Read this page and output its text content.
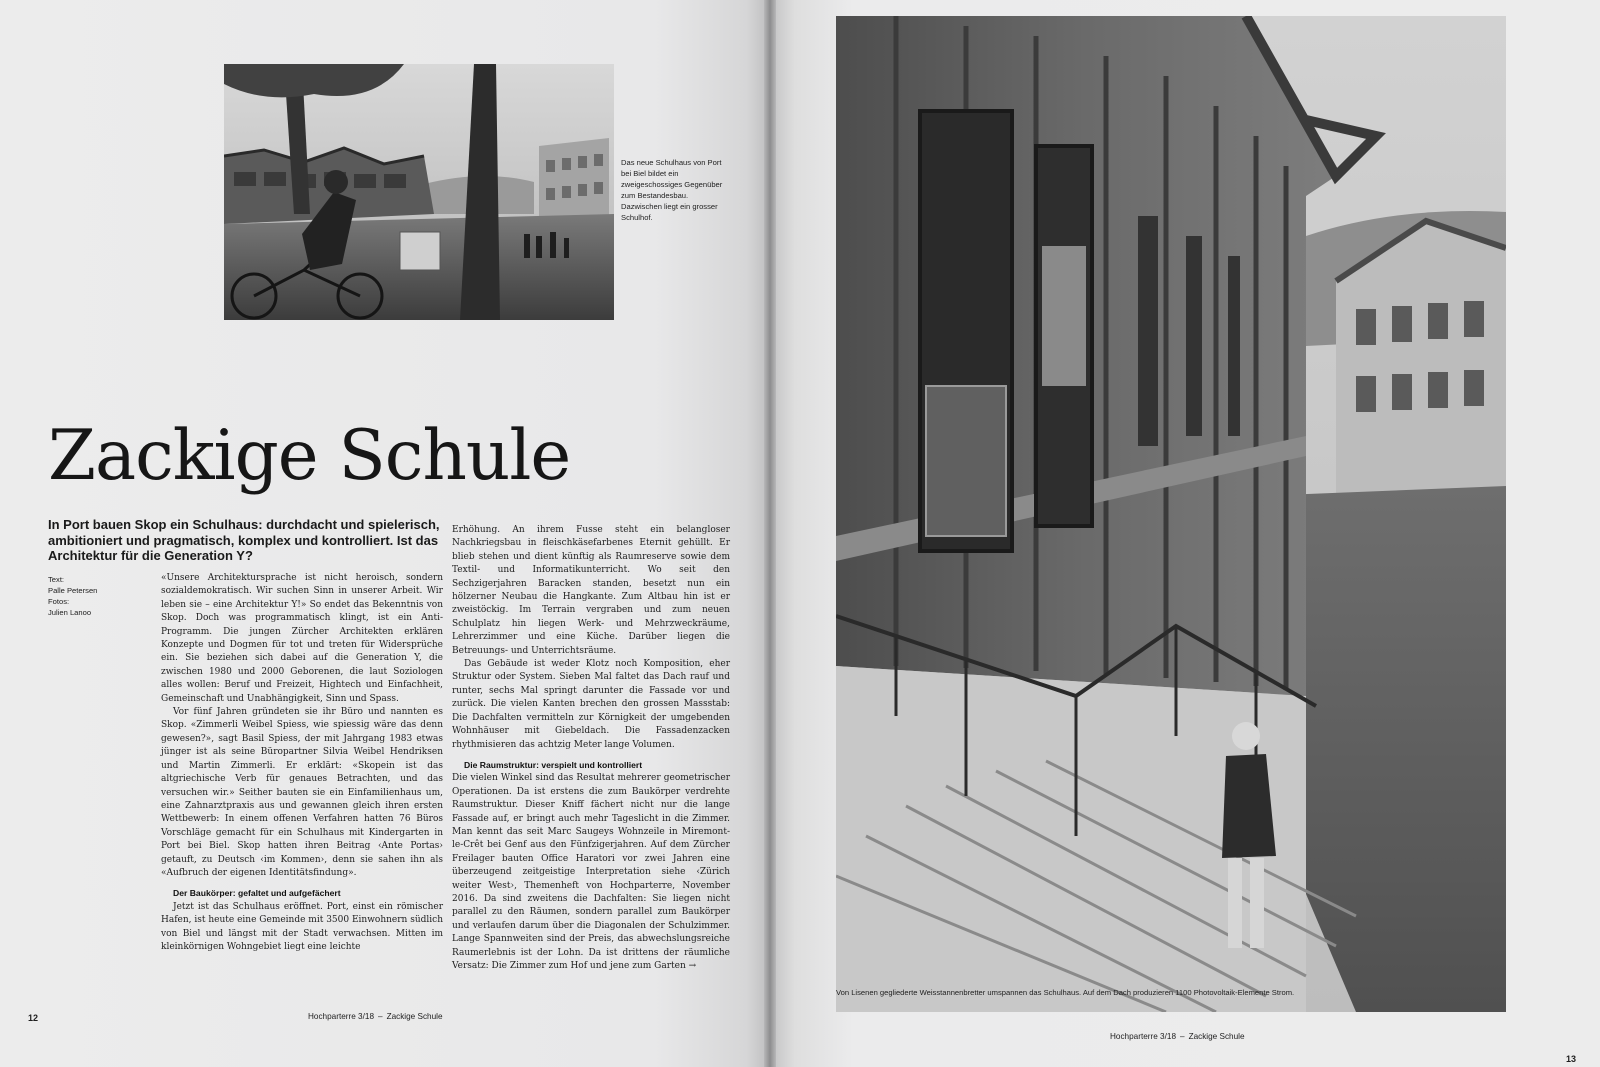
Das neue Schulhaus von Port bei Biel bildet ein zweigeschossiges Gegenüber zum Bestandesbau. Dazwischen liegt ein grosser Schulhof.
Zackige Schule

In Port bauen Skop ein Schulhaus: durchdacht und spielerisch, ambitioniert und pragmatisch, komplex und kontrolliert. Ist das Architektur für die Generation Y?

Text:
Palle Petersen
Fotos:
Julien Lanoo

«Unsere Architektursprache ist nicht heroisch, sondern sozialdemokratisch. Wir suchen Sinn in unserer Arbeit. Wir leben sie – eine Architektur Y!» So endet das Bekenntnis von Skop. Doch was programmatisch klingt, ist ein Anti-Programm. Die jungen Zürcher Architekten erklären Konzepte und Dogmen für tot und treten für Widersprüche ein. Sie beziehen sich dabei auf die Generation Y, die zwischen 1980 und 2000 Geborenen, die laut Soziologen alles wollen: Beruf und Freizeit, Hightech und Einfachheit, Gemeinschaft und Unabhängigkeit, Sinn und Spass.

Vor fünf Jahren gründeten sie ihr Büro und nannten es Skop. «Zimmerli Weibel Spiess, wie spiessig wäre das denn gewesen?», sagt Basil Spiess, der mit Jahrgang 1983 etwas jünger ist als seine Büropartner Silvia Weibel Hendriksen und Martin Zimmerli. Er erklärt: «Skopein ist das altgriechische Verb für genaues Betrachten, und das versuchen wir.» Seither bauten sie ein Einfamilienhaus um, eine Zahnarztpraxis aus und gewannen gleich ihren ersten Wettbewerb: In einem offenen Verfahren hatten 76 Büros Vorschläge gemacht für ein Schulhaus mit Kindergarten in Port bei Biel. Skop hatten ihren Beitrag ‹Ante Portas› getauft, zu Deutsch ‹im Kommen›, denn sie sahen ihn als «Aufbruch der eigenen Identitätsfindung».

Der Baukörper: gefaltet und aufgefächert

Jetzt ist das Schulhaus eröffnet. Port, einst ein römischer Hafen, ist heute eine Gemeinde mit 3500 Einwohnern südlich von Biel und längst mit der Stadt verwachsen. Mitten im kleinkörnigen Wohngebiet liegt eine leichte

Erhöhung. An ihrem Fusse steht ein belangloser Nachkriegsbau in fleischkäsefarbenes Eternit gehüllt. Er blieb stehen und dient künftig als Raumreserve sowie dem Textil- und Informatikunterricht. Wo seit den Sechzigerjahren Baracken standen, besetzt nun ein hölzerner Neubau die Hangkante. Zum Altbau hin ist er zweistöckig. Im Terrain vergraben und zum neuen Schulplatz hin liegen Werk- und Mehrzweckräume, Lehrerzimmer und eine Küche. Darüber liegen die Betreuungs- und Unterrichtsräume.

Das Gebäude ist weder Klotz noch Komposition, eher Struktur oder System. Sieben Mal faltet das Dach rauf und runter, sechs Mal springt darunter die Fassade vor und zurück. Die vielen Kanten brechen den grossen Massstab: Die Dachfalten vermitteln zur Körnigkeit der umgebenden Wohnhäuser mit Giebeldach. Die Fassadenzacken rhythmisieren das achtzig Meter lange Volumen.

Die Raumstruktur: verspielt und kontrolliert

Die vielen Winkel sind das Resultat mehrerer geometrischer Operationen. Da ist erstens die zum Baukörper verdrehte Raumstruktur. Dieser Kniff fächert nicht nur die lange Fassade auf, er bringt auch mehr Tageslicht in die Zimmer. Man kennt das seit Marc Saugeys Wohnzeile in Miremont-le-Crêt bei Genf aus den Fünfzigerjahren. Auf dem Zürcher Freilager bauten Office Haratori vor zwei Jahren eine überzeugend zeitgeistige Interpretation siehe ‹Zürich weiter West›, Themenheft von Hochparterre, November 2016. Da sind zweitens die Dachfalten: Sie liegen nicht parallel zu den Räumen, sondern parallel zum Baukörper und verlaufen darum über die Diagonalen der Schulzimmer. Lange Spannweiten sind der Preis, das abwechslungsreiche Raumerlebnis ist der Lohn. Da ist drittens der räumliche Versatz: Die Zimmer zum Hof und jene zum Garten →

12	Hochparterre 3/18 – Zackige Schule
Von Lisenen gegliederte Weisstannenbretter umspannen das Schulhaus. Auf dem Dach produzieren 1100 Photovoltaik-Elemente Strom.
Hochparterre 3/18 – Zackige Schule
13
